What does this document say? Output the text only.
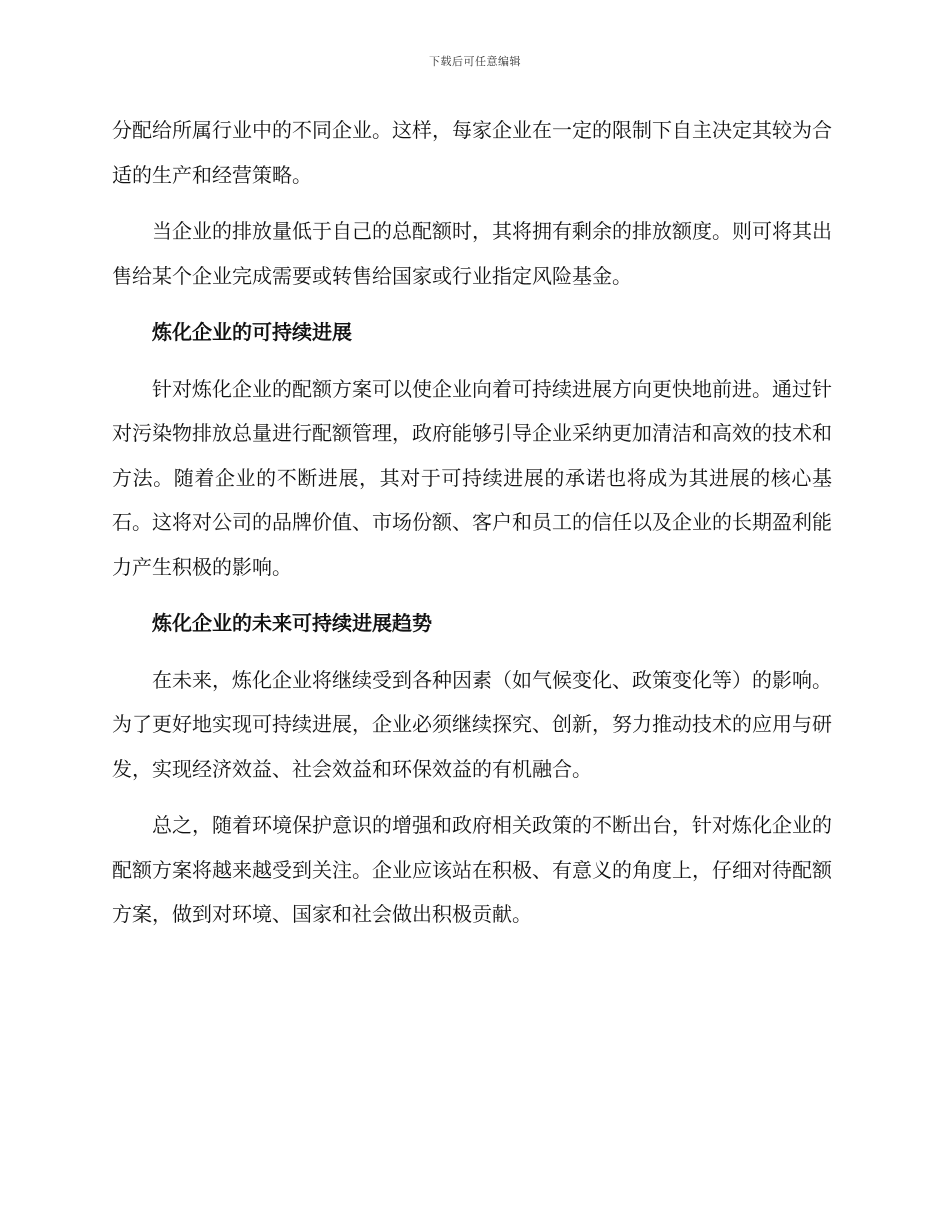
下载后可任意编辑

分配给所属行业中的不同企业。这样，每家企业在一定的限制下自主决定其较为合适的生产和经营策略。

当企业的排放量低于自己的总配额时，其将拥有剩余的排放额度。则可将其出售给某个企业完成需要或转售给国家或行业指定风险基金。

炼化企业的可持续进展

针对炼化企业的配额方案可以使企业向着可持续进展方向更快地前进。通过针对污染物排放总量进行配额管理，政府能够引导企业采纳更加清洁和高效的技术和方法。随着企业的不断进展，其对于可持续进展的承诺也将成为其进展的核心基石。这将对公司的品牌价值、市场份额、客户和员工的信任以及企业的长期盈利能力产生积极的影响。

炼化企业的未来可持续进展趋势

在未来，炼化企业将继续受到各种因素（如气候变化、政策变化等）的影响。为了更好地实现可持续进展，企业必须继续探究、创新，努力推动技术的应用与研发，实现经济效益、社会效益和环保效益的有机融合。

总之，随着环境保护意识的增强和政府相关政策的不断出台，针对炼化企业的配额方案将越来越受到关注。企业应该站在积极、有意义的角度上，仔细对待配额方案，做到对环境、国家和社会做出积极贡献。
